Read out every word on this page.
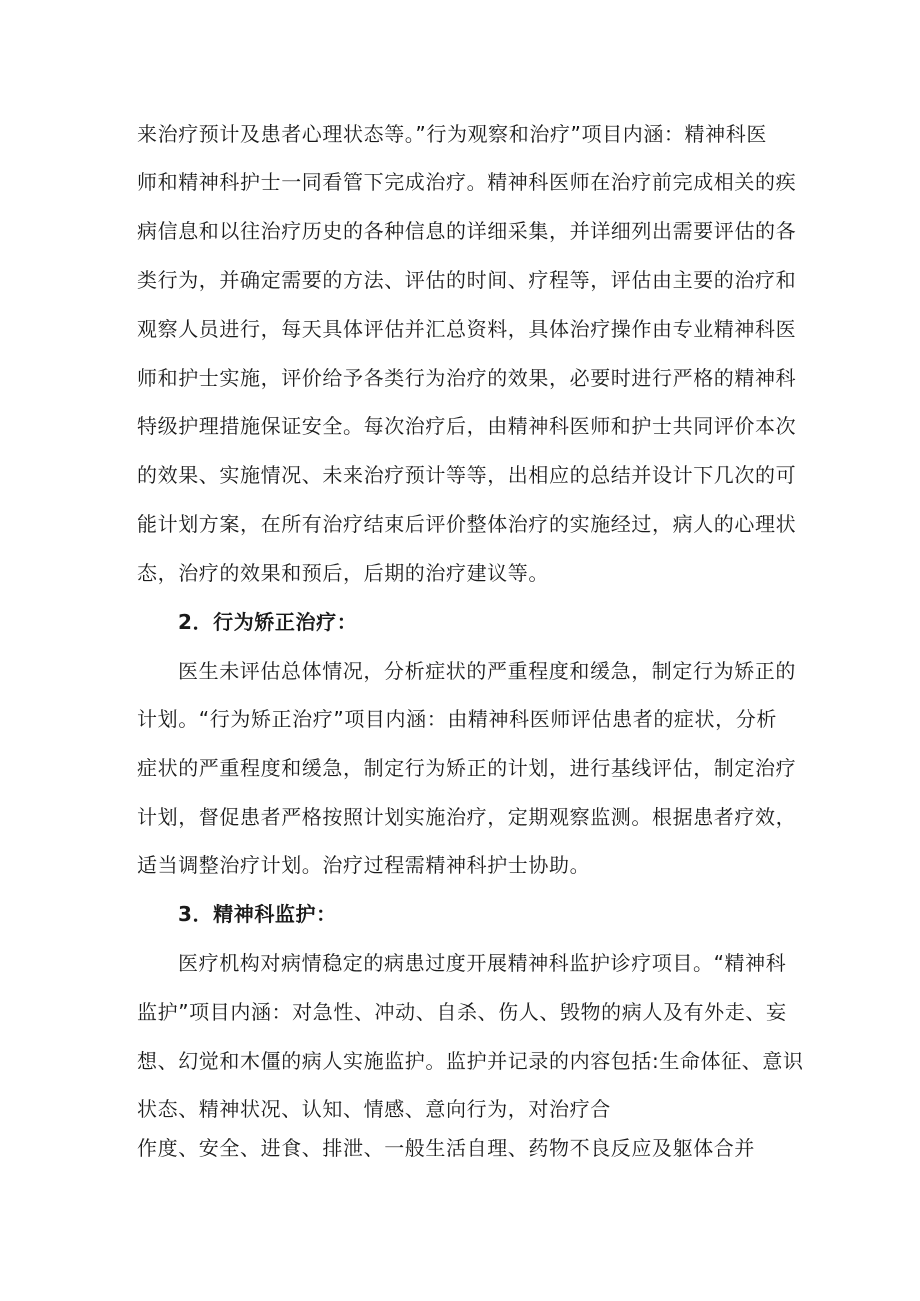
来治疗预计及患者心理状态等。”行为观察和治疗”项目内涵：精神科医
师和精神科护士一同看管下完成治疗。精神科医师在治疗前完成相关的疾
病信息和以往治疗历史的各种信息的详细采集，并详细列出需要评估的各
类行为，并确定需要的方法、评估的时间、疗程等，评估由主要的治疗和
观察人员进行，每天具体评估并汇总资料，具体治疗操作由专业精神科医
师和护士实施，评价给予各类行为治疗的效果，必要时进行严格的精神科
特级护理措施保证安全。每次治疗后，由精神科医师和护士共同评价本次
的效果、实施情况、未来治疗预计等等，出相应的总结并设计下几次的可
能计划方案，在所有治疗结束后评价整体治疗的实施经过，病人的心理状
态，治疗的效果和预后，后期的治疗建议等。
2．行为矫正治疗：
医生未评估总体情况，分析症状的严重程度和缓急，制定行为矫正的
计划。“行为矫正治疗”项目内涵：由精神科医师评估患者的症状，分析
症状的严重程度和缓急，制定行为矫正的计划，进行基线评估，制定治疗
计划，督促患者严格按照计划实施治疗，定期观察监测。根据患者疗效，
适当调整治疗计划。治疗过程需精神科护士协助。
3．精神科监护：
医疗机构对病情稳定的病患过度开展精神科监护诊疗项目。“精神科
监护”项目内涵：对急性、冲动、自杀、伤人、毁物的病人及有外走、妄
想、幻觉和木僵的病人实施监护。监护并记录的内容包括:生命体征、意识
状态、精神状况、认知、情感、意向行为，对治疗合
作度、安全、进食、排泄、一般生活自理、药物不良反应及躯体合并
